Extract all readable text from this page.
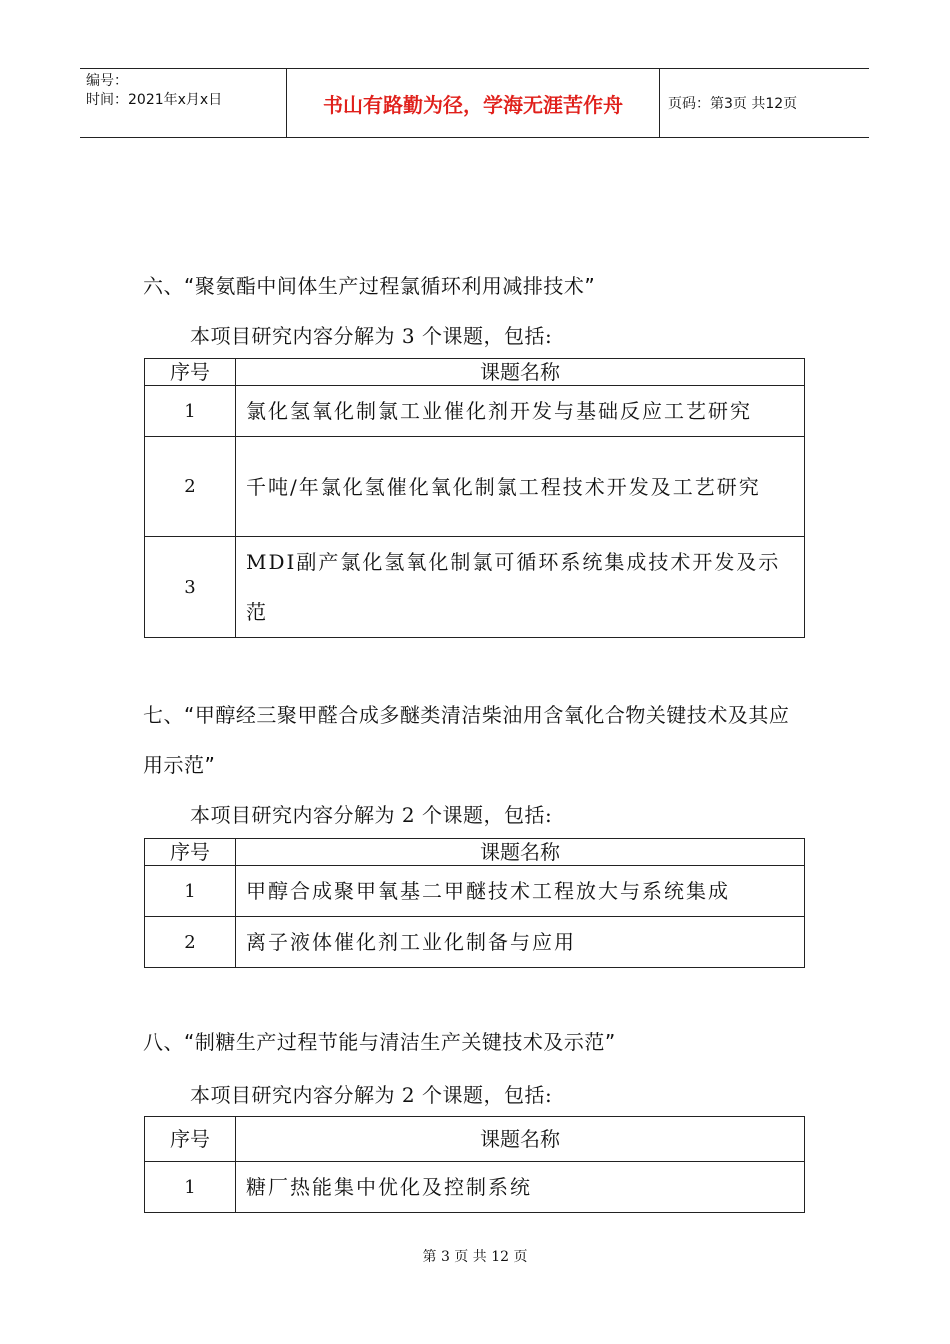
编号：
时间：2021年x月x日	书山有路勤为径，学海无涯苦作舟	页码：第3页 共12页
六、“聚氨酯中间体生产过程氯循环利用减排技术”
本项目研究内容分解为 3 个课题，包括:
序号	课题名称
1	氯化氢氧化制氯工业催化剂开发与基础反应工艺研究
2	千吨/年氯化氢催化氧化制氯工程技术开发及工艺研究
3	MDI副产氯化氢氧化制氯可循环系统集成技术开发及示范
七、“甲醇经三聚甲醛合成多醚类清洁柴油用含氧化合物关键技术及其应用示范”
本项目研究内容分解为 2 个课题，包括:
序号	课题名称
1	甲醇合成聚甲氧基二甲醚技术工程放大与系统集成
2	离子液体催化剂工业化制备与应用
八、“制糖生产过程节能与清洁生产关键技术及示范”
本项目研究内容分解为 2 个课题，包括:
序号	课题名称
1	糖厂热能集中优化及控制系统
第 3 页 共 12 页
